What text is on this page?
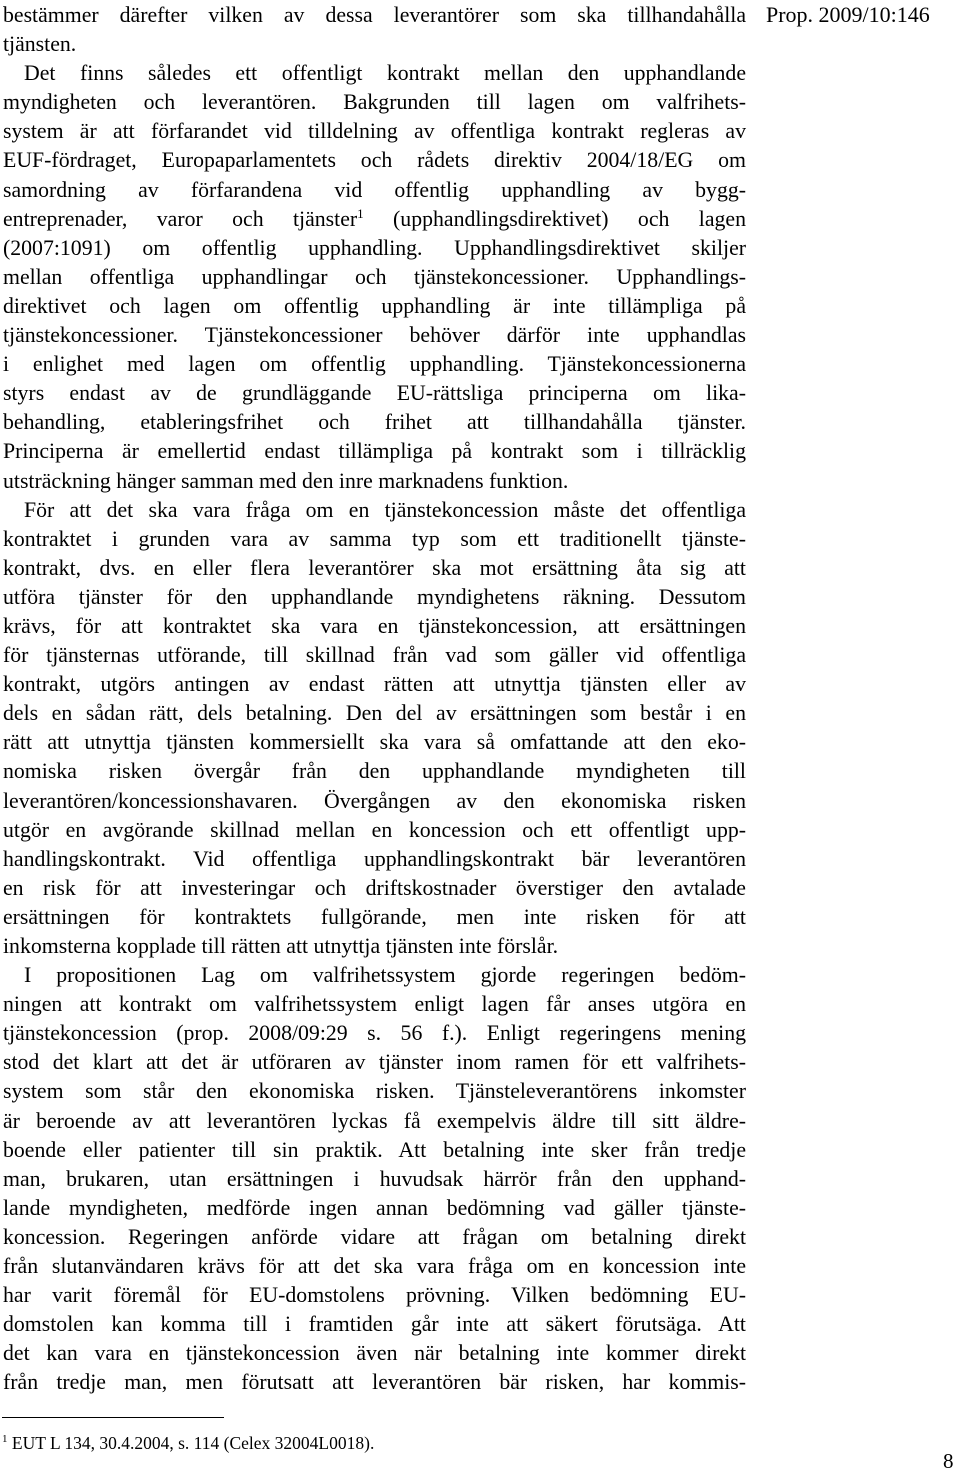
Prop. 2009/10:146
bestämmer därefter vilken av dessa leverantörer som ska tillhandahålla
tjänsten.
Det finns således ett offentligt kontrakt mellan den upphandlande
myndigheten och leverantören. Bakgrunden till lagen om valfrihets-
system är att förfarandet vid tilldelning av offentliga kontrakt regleras av
EUF-fördraget, Europaparlamentets och rådets direktiv 2004/18/EG om
samordning av förfarandena vid offentlig upphandling av bygg-
entreprenader, varor och tjänster$^1$ (upphandlingsdirektivet) och lagen
(2007:1091) om offentlig upphandling. Upphandlingsdirektivet skiljer
mellan offentliga upphandlingar och tjänstekoncessioner. Upphandlings-
direktivet och lagen om offentlig upphandling är inte tillämpliga på
tjänstekoncessioner. Tjänstekoncessioner behöver därför inte upphandlas
i enlighet med lagen om offentlig upphandling. Tjänstekoncessionerna
styrs endast av de grundläggande EU-rättsliga principerna om lika-
behandling, etableringsfrihet och frihet att tillhandahålla tjänster.
Principerna är emellertid endast tillämpliga på kontrakt som i tillräcklig
utsträckning hänger samman med den inre marknadens funktion.
För att det ska vara fråga om en tjänstekoncession måste det offentliga
kontraktet i grunden vara av samma typ som ett traditionellt tjänste-
kontrakt, dvs. en eller flera leverantörer ska mot ersättning åta sig att
utföra tjänster för den upphandlande myndighetens räkning. Dessutom
krävs, för att kontraktet ska vara en tjänstekoncession, att ersättningen
för tjänsternas utförande, till skillnad från vad som gäller vid offentliga
kontrakt, utgörs antingen av endast rätten att utnyttja tjänsten eller av
dels en sådan rätt, dels betalning. Den del av ersättningen som består i en
rätt att utnyttja tjänsten kommersiellt ska vara så omfattande att den eko-
nomiska risken övergår från den upphandlande myndigheten till
leverantören/koncessionshavaren. Övergången av den ekonomiska risken
utgör en avgörande skillnad mellan en koncession och ett offentligt upp-
handlingskontrakt. Vid offentliga upphandlingskontrakt bär leverantören
en risk för att investeringar och driftskostnader överstiger den avtalade
ersättningen för kontraktets fullgörande, men inte risken för att
inkomsterna kopplade till rätten att utnyttja tjänsten inte förslår.
I propositionen Lag om valfrihetssystem gjorde regeringen bedöm-
ningen att kontrakt om valfrihetssystem enligt lagen får anses utgöra en
tjänstekoncession (prop. 2008/09:29 s. 56 f.). Enligt regeringens mening
stod det klart att det är utföraren av tjänster inom ramen för ett valfrihets-
system som står den ekonomiska risken. Tjänsteleverantörens inkomster
är beroende av att leverantören lyckas få exempelvis äldre till sitt äldre-
boende eller patienter till sin praktik. Att betalning inte sker från tredje
man, brukaren, utan ersättningen i huvudsak härrör från den upphand-
lande myndigheten, medförde ingen annan bedömning vad gäller tjänste-
koncession. Regeringen anförde vidare att frågan om betalning direkt
från slutanvändaren krävs för att det ska vara fråga om en koncession inte
har varit föremål för EU-domstolens prövning. Vilken bedömning EU-
domstolen kan komma till i framtiden går inte att säkert förutsäga. Att
det kan vara en tjänstekoncession även när betalning inte kommer direkt
från tredje man, men förutsatt att leverantören bär risken, har kommis-
$^1$ EUT L 134, 30.4.2004, s. 114 (Celex 32004L0018).
8
